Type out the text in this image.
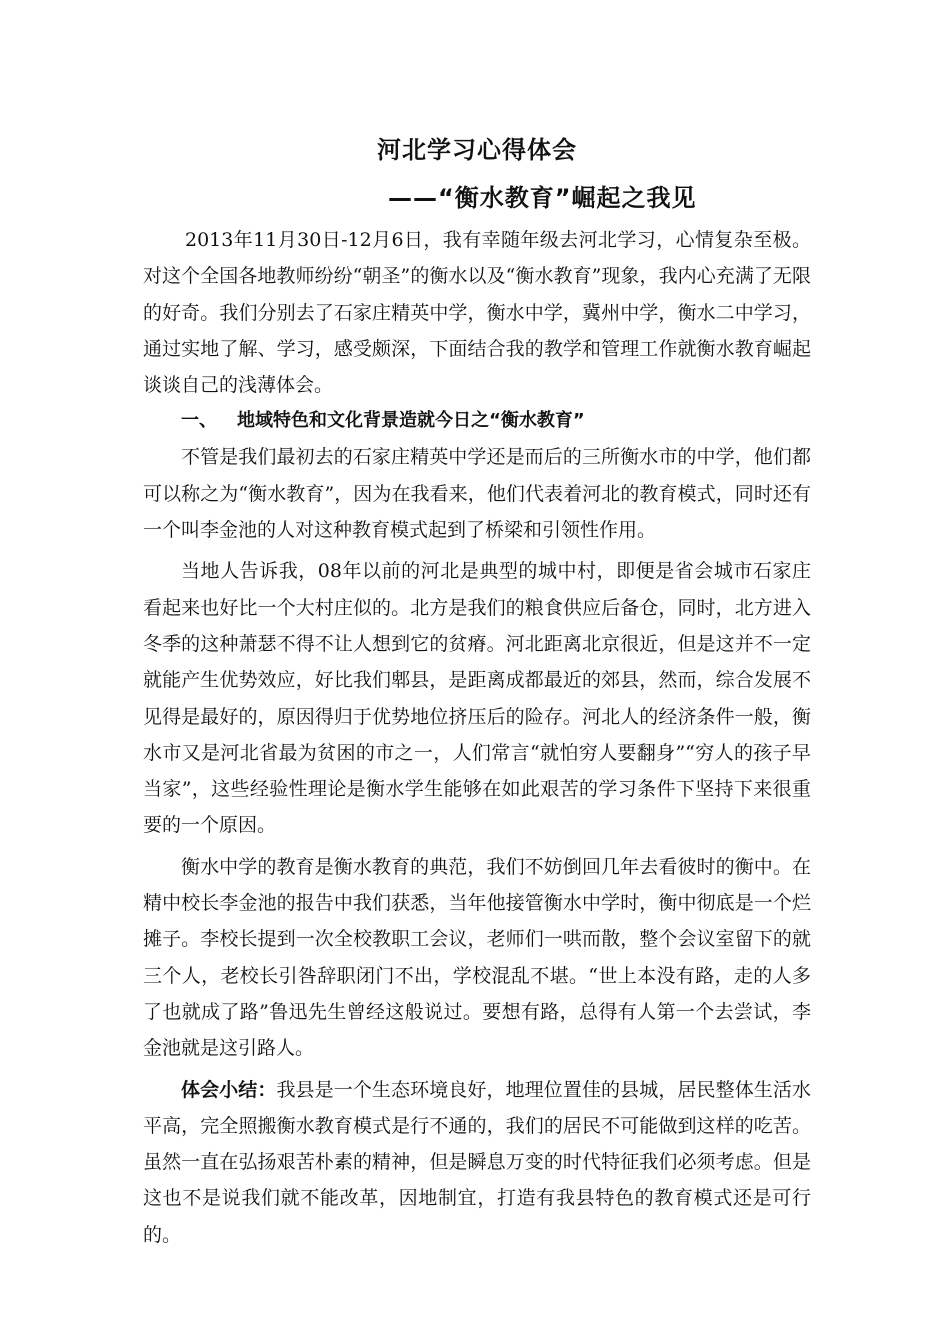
河北学习心得体会
——“衡水教育”崛起之我见

2013年11月30日-12月6日，我有幸随年级去河北学习，心情复杂至极。对这个全国各地教师纷纷“朝圣”的衡水以及“衡水教育”现象，我内心充满了无限的好奇。我们分别去了石家庄精英中学，衡水中学，冀州中学，衡水二中学习，通过实地了解、学习，感受颇深，下面结合我的教学和管理工作就衡水教育崛起谈谈自己的浅薄体会。

一、 地域特色和文化背景造就今日之“衡水教育”

不管是我们最初去的石家庄精英中学还是而后的三所衡水市的中学，他们都可以称之为“衡水教育”，因为在我看来，他们代表着河北的教育模式，同时还有一个叫李金池的人对这种教育模式起到了桥梁和引领性作用。

当地人告诉我，08年以前的河北是典型的城中村，即便是省会城市石家庄看起来也好比一个大村庄似的。北方是我们的粮食供应后备仓，同时，北方进入冬季的这种萧瑟不得不让人想到它的贫瘠。河北距离北京很近，但是这并不一定就能产生优势效应，好比我们郫县，是距离成都最近的郊县，然而，综合发展不见得是最好的，原因得归于优势地位挤压后的险存。河北人的经济条件一般，衡水市又是河北省最为贫困的市之一，人们常言“就怕穷人要翻身”“穷人的孩子早当家”，这些经验性理论是衡水学生能够在如此艰苦的学习条件下坚持下来很重要的一个原因。

衡水中学的教育是衡水教育的典范，我们不妨倒回几年去看彼时的衡中。在精中校长李金池的报告中我们获悉，当年他接管衡水中学时，衡中彻底是一个烂摊子。李校长提到一次全校教职工会议，老师们一哄而散，整个会议室留下的就三个人，老校长引咎辞职闭门不出，学校混乱不堪。“世上本没有路，走的人多了也就成了路”鲁迅先生曾经这般说过。要想有路，总得有人第一个去尝试，李金池就是这引路人。

体会小结：我县是一个生态环境良好，地理位置佳的县城，居民整体生活水平高，完全照搬衡水教育模式是行不通的，我们的居民不可能做到这样的吃苦。虽然一直在弘扬艰苦朴素的精神，但是瞬息万变的时代特征我们必须考虑。但是这也不是说我们就不能改革，因地制宜，打造有我县特色的教育模式还是可行的。
